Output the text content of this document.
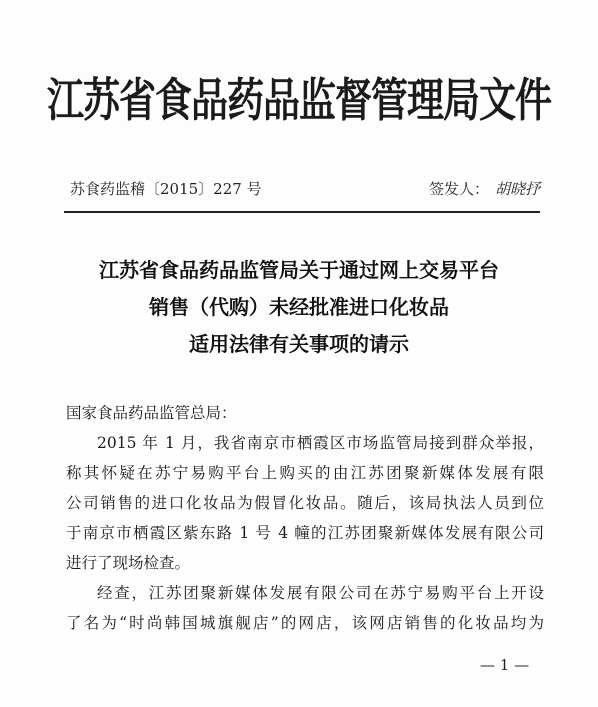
江苏省食品药品监督管理局文件
苏食药监稽〔2015〕227 号	签发人： 胡晓抒
江苏省食品药品监管局关于通过网上交易平台
销售（代购）未经批准进口化妆品
适用法律有关事项的请示
国家食品药品监管总局：
2015 年 1 月，我省南京市栖霞区市场监管局接到群众举报，
称其怀疑在苏宁易购平台上购买的由江苏团聚新媒体发展有限
公司销售的进口化妆品为假冒化妆品。随后，该局执法人员到位
于南京市栖霞区紫东路 1 号 4 幢的江苏团聚新媒体发展有限公司
进行了现场检查。
经查，江苏团聚新媒体发展有限公司在苏宁易购平台上开设
了名为“时尚韩国城旗舰店”的网店，该网店销售的化妆品均为
— 1 —
